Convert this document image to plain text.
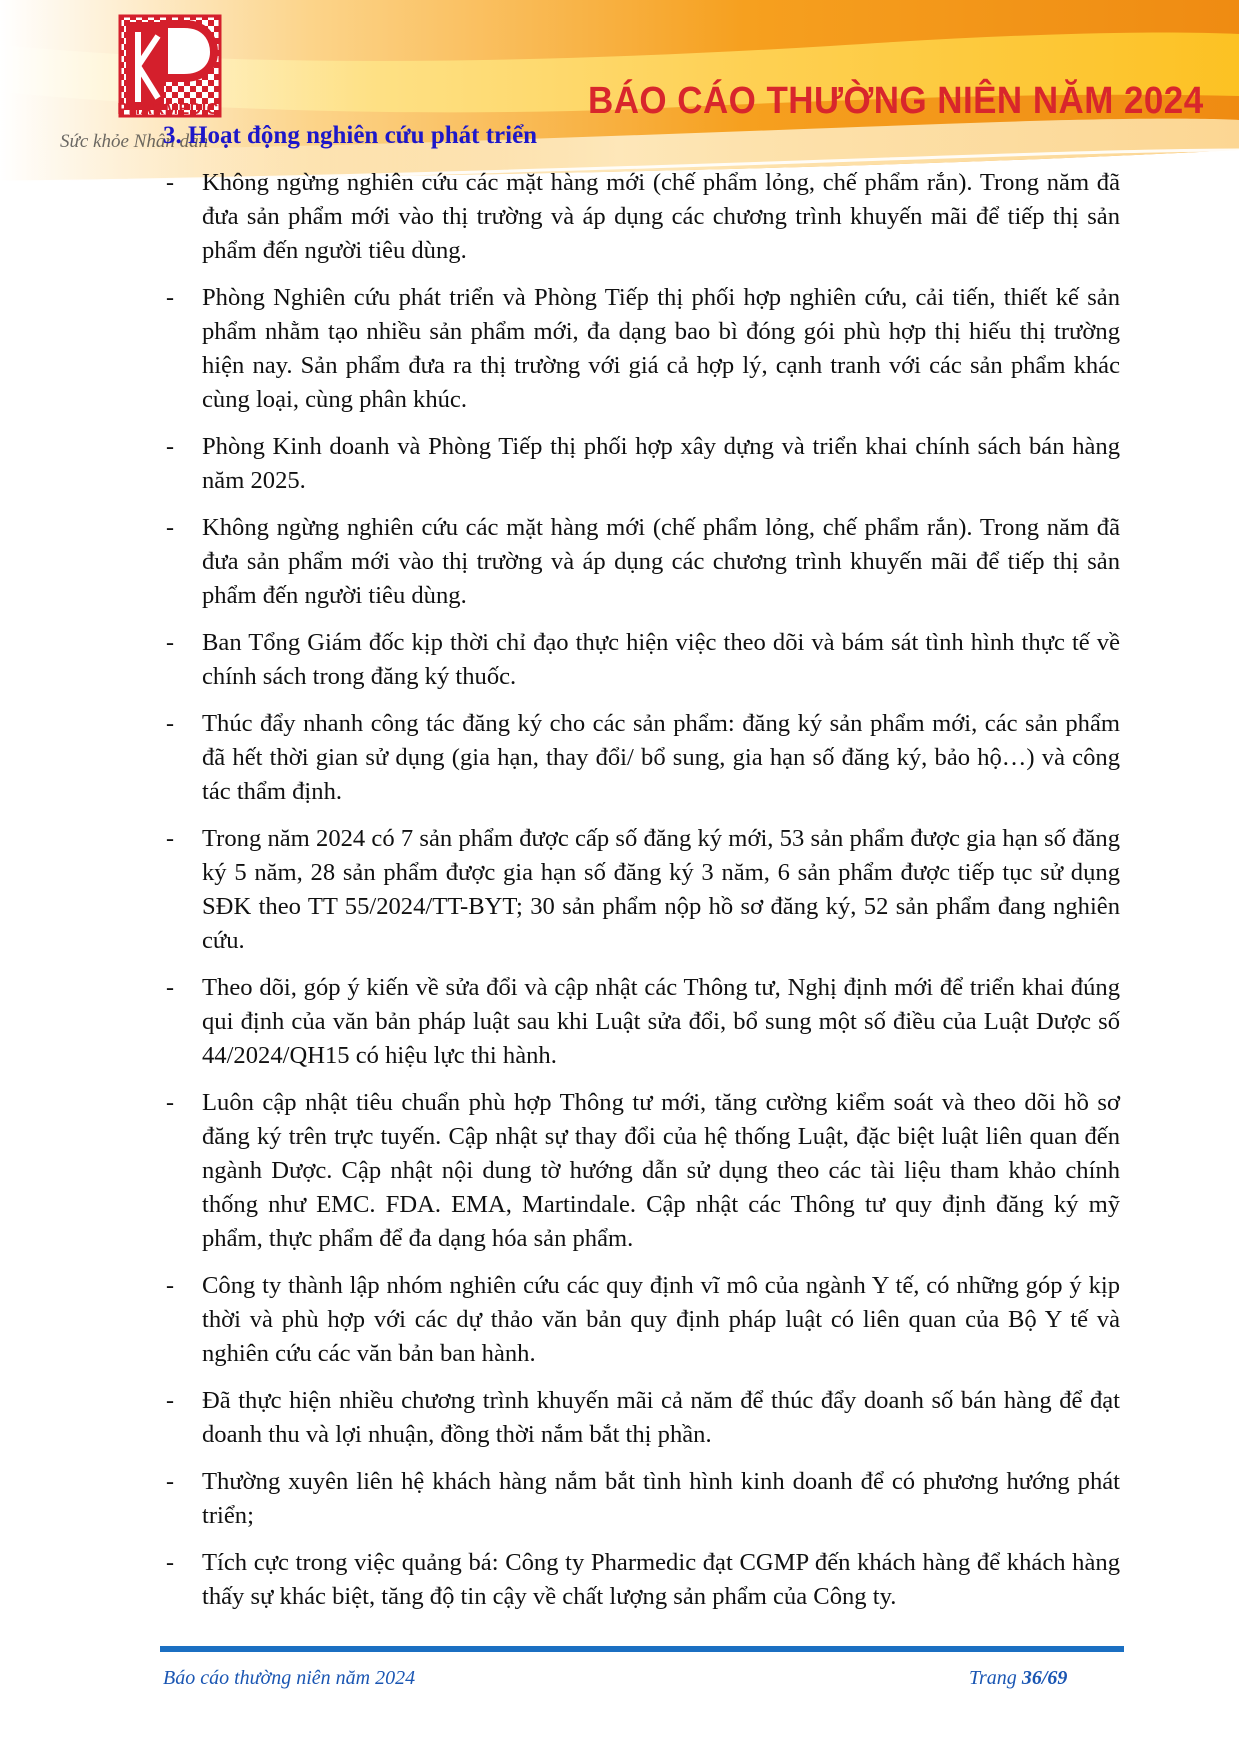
PHARMEDIC
Sức khỏe Nhân dân
BÁO CÁO THƯỜNG NIÊN NĂM 2024
3. Hoạt động nghiên cứu phát triển
- Không ngừng nghiên cứu các mặt hàng mới (chế phẩm lỏng, chế phẩm rắn). Trong năm đã đưa sản phẩm mới vào thị trường và áp dụng các chương trình khuyến mãi để tiếp thị sản phẩm đến người tiêu dùng.
- Phòng Nghiên cứu phát triển và Phòng Tiếp thị phối hợp nghiên cứu, cải tiến, thiết kế sản phẩm nhằm tạo nhiều sản phẩm mới, đa dạng bao bì đóng gói phù hợp thị hiếu thị trường hiện nay. Sản phẩm đưa ra thị trường với giá cả hợp lý, cạnh tranh với các sản phẩm khác cùng loại, cùng phân khúc.
- Phòng Kinh doanh và Phòng Tiếp thị phối hợp xây dựng và triển khai chính sách bán hàng năm 2025.
- Không ngừng nghiên cứu các mặt hàng mới (chế phẩm lỏng, chế phẩm rắn). Trong năm đã đưa sản phẩm mới vào thị trường và áp dụng các chương trình khuyến mãi để tiếp thị sản phẩm đến người tiêu dùng.
- Ban Tổng Giám đốc kịp thời chỉ đạo thực hiện việc theo dõi và bám sát tình hình thực tế về chính sách trong đăng ký thuốc.
- Thúc đẩy nhanh công tác đăng ký cho các sản phẩm: đăng ký sản phẩm mới, các sản phẩm đã hết thời gian sử dụng (gia hạn, thay đổi/ bổ sung, gia hạn số đăng ký, bảo hộ…) và công tác thẩm định.
- Trong năm 2024 có 7 sản phẩm được cấp số đăng ký mới, 53 sản phẩm được gia hạn số đăng ký 5 năm, 28 sản phẩm được gia hạn số đăng ký 3 năm, 6 sản phẩm được tiếp tục sử dụng SĐK theo TT 55/2024/TT-BYT; 30 sản phẩm nộp hồ sơ đăng ký, 52 sản phẩm đang nghiên cứu.
- Theo dõi, góp ý kiến về sửa đổi và cập nhật các Thông tư, Nghị định mới để triển khai đúng qui định của văn bản pháp luật sau khi Luật sửa đổi, bổ sung một số điều của Luật Dược số 44/2024/QH15 có hiệu lực thi hành.
- Luôn cập nhật tiêu chuẩn phù hợp Thông tư mới, tăng cường kiểm soát và theo dõi hồ sơ đăng ký trên trực tuyến. Cập nhật sự thay đổi của hệ thống Luật, đặc biệt luật liên quan đến ngành Dược. Cập nhật nội dung tờ hướng dẫn sử dụng theo các tài liệu tham khảo chính thống như EMC. FDA. EMA, Martindale. Cập nhật các Thông tư quy định đăng ký mỹ phẩm, thực phẩm để đa dạng hóa sản phẩm.
- Công ty thành lập nhóm nghiên cứu các quy định vĩ mô của ngành Y tế, có những góp ý kịp thời và phù hợp với các dự thảo văn bản quy định pháp luật có liên quan của Bộ Y tế và nghiên cứu các văn bản ban hành.
- Đã thực hiện nhiều chương trình khuyến mãi cả năm để thúc đẩy doanh số bán hàng để đạt doanh thu và lợi nhuận, đồng thời nắm bắt thị phần.
- Thường xuyên liên hệ khách hàng nắm bắt tình hình kinh doanh để có phương hướng phát triển;
- Tích cực trong việc quảng bá: Công ty Pharmedic đạt CGMP đến khách hàng để khách hàng thấy sự khác biệt, tăng độ tin cậy về chất lượng sản phẩm của Công ty.
Báo cáo thường niên năm 2024	Trang 36/69
